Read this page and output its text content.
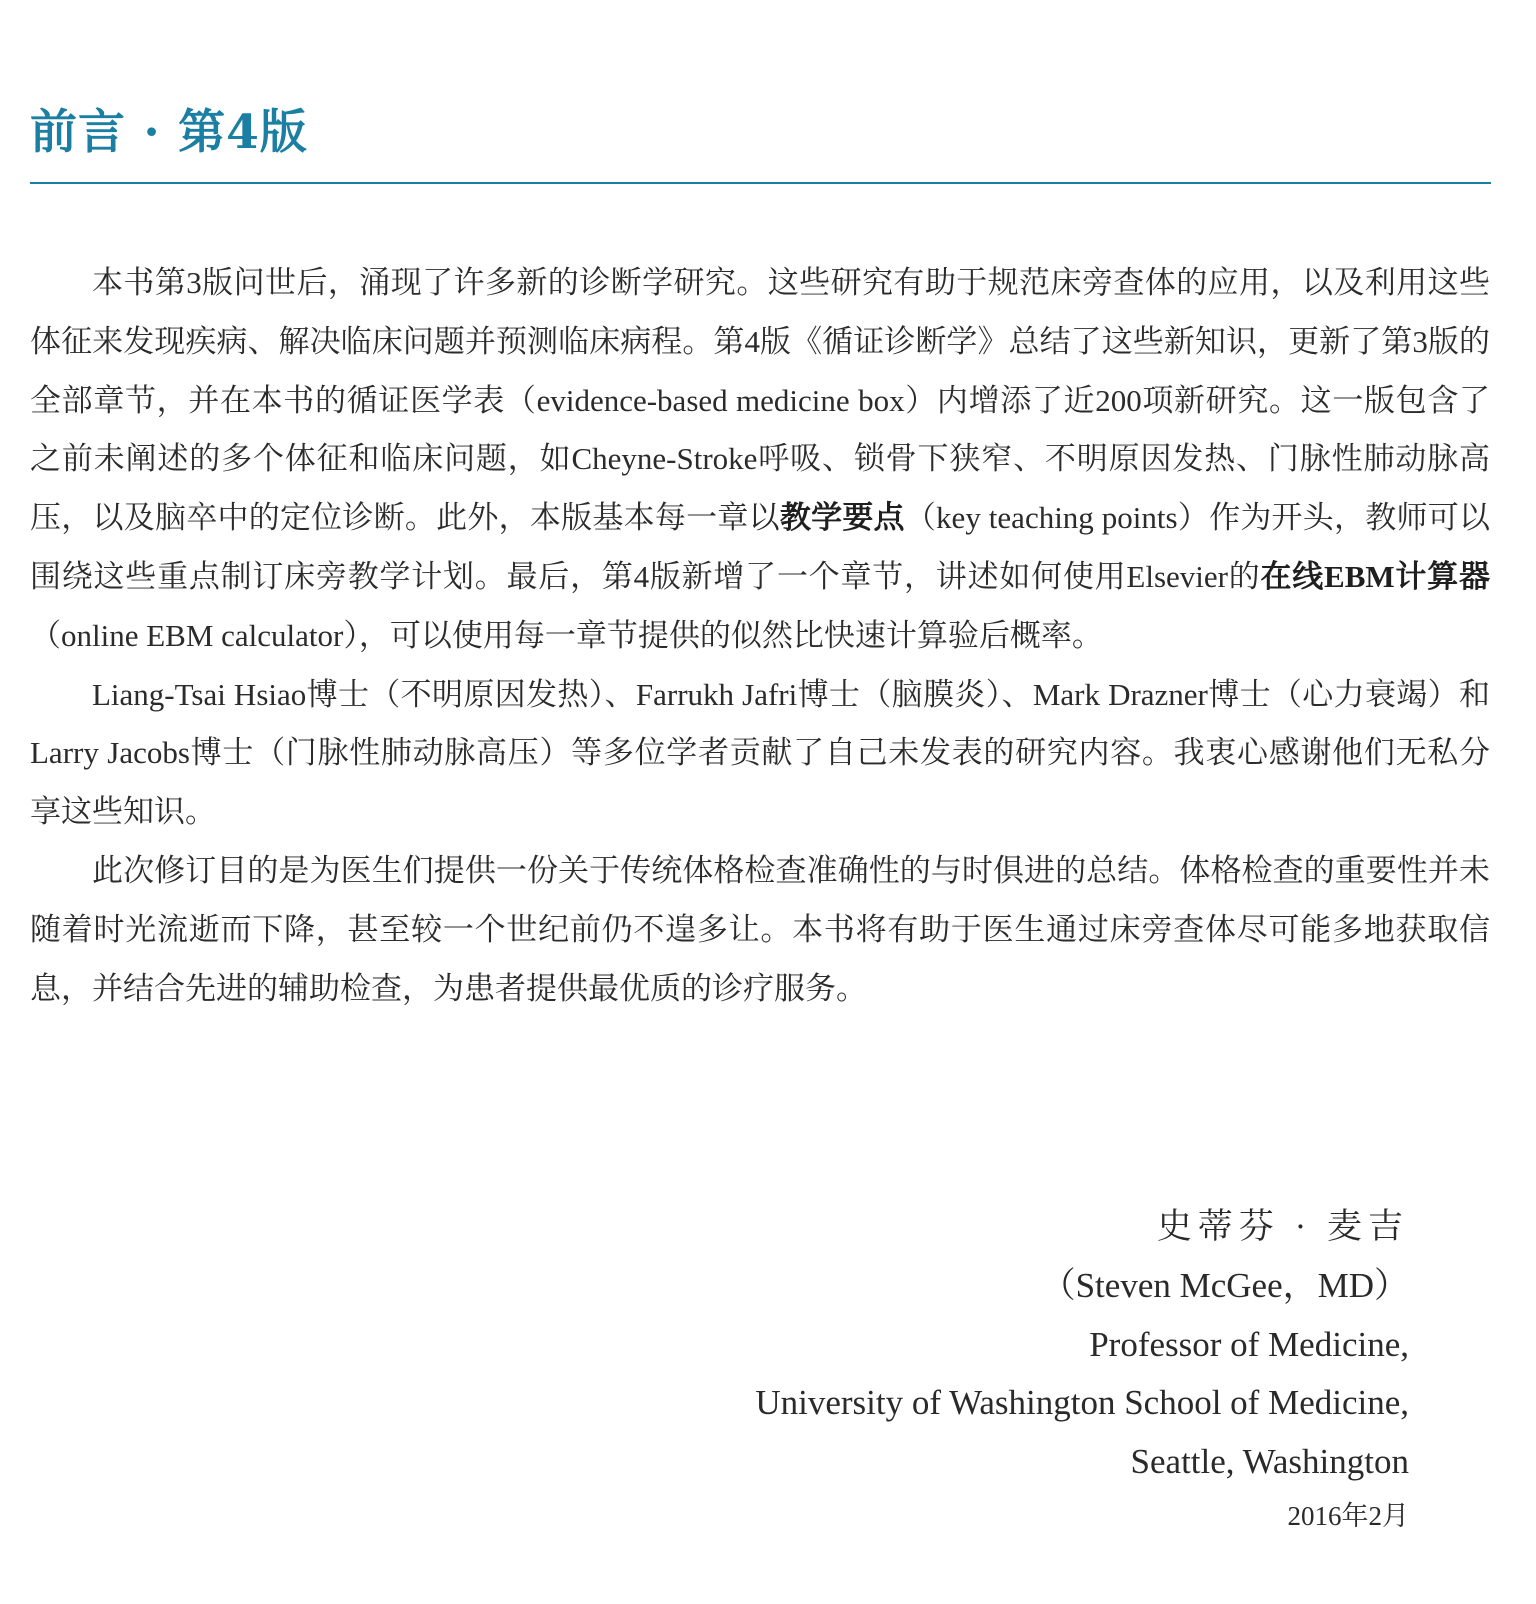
前言 · 第4版

本书第3版问世后，涌现了许多新的诊断学研究。这些研究有助于规范床旁查体的应用，以及利用这些体征来发现疾病、解决临床问题并预测临床病程。第4版《循证诊断学》总结了这些新知识，更新了第3版的全部章节，并在本书的循证医学表（evidence-based medicine box）内增添了近200项新研究。这一版包含了之前未阐述的多个体征和临床问题，如Cheyne-Stroke呼吸、锁骨下狭窄、不明原因发热、门脉性肺动脉高压，以及脑卒中的定位诊断。此外，本版基本每一章以教学要点（key teaching points）作为开头，教师可以围绕这些重点制订床旁教学计划。最后，第4版新增了一个章节，讲述如何使用Elsevier的在线EBM计算器（online EBM calculator），可以使用每一章节提供的似然比快速计算验后概率。

Liang-Tsai Hsiao博士（不明原因发热）、Farrukh Jafri博士（脑膜炎）、Mark Drazner博士（心力衰竭）和Larry Jacobs博士（门脉性肺动脉高压）等多位学者贡献了自己未发表的研究内容。我衷心感谢他们无私分享这些知识。

此次修订目的是为医生们提供一份关于传统体格检查准确性的与时俱进的总结。体格检查的重要性并未随着时光流逝而下降，甚至较一个世纪前仍不遑多让。本书将有助于医生通过床旁查体尽可能多地获取信息，并结合先进的辅助检查，为患者提供最优质的诊疗服务。

史蒂芬 · 麦吉

（Steven McGee，MD）

Professor of Medicine,

University of Washington School of Medicine,

Seattle, Washington

2016年2月
